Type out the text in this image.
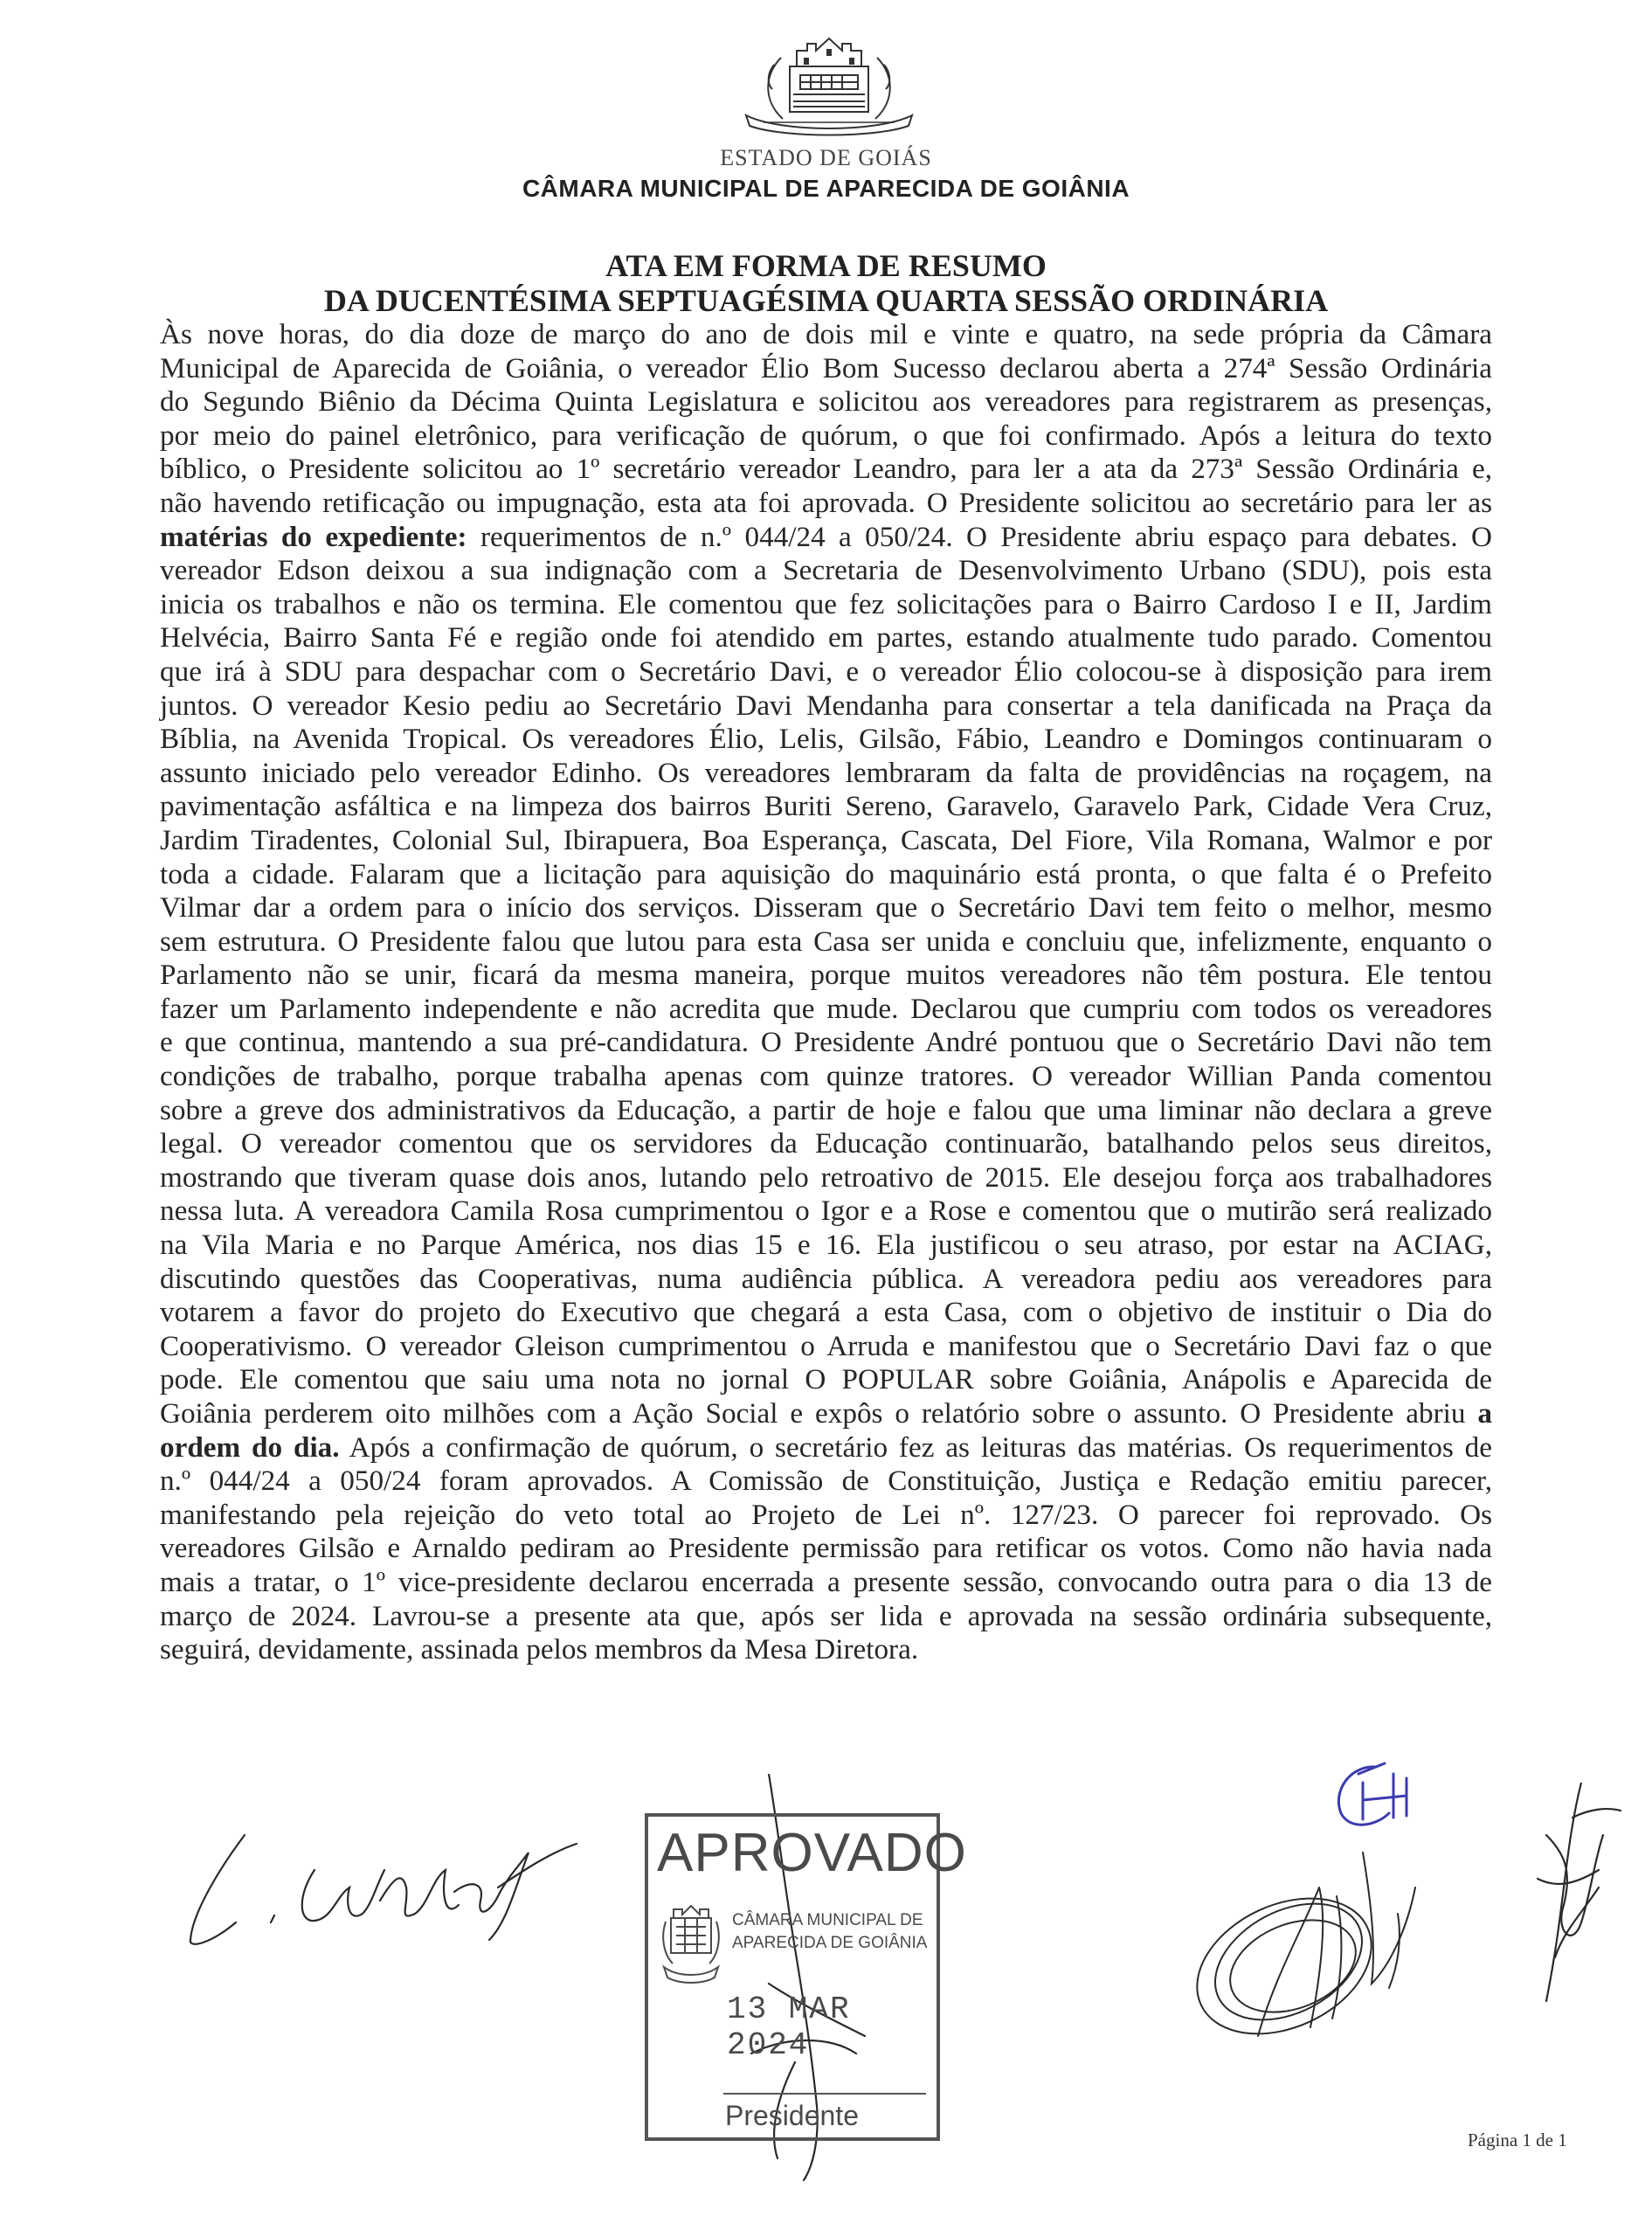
ESTADO DE GOIÁS
CÂMARA MUNICIPAL DE APARECIDA DE GOIÂNIA
ATA EM FORMA DE RESUMO
DA DUCENTÉSIMA SEPTUAGÉSIMA QUARTA SESSÃO ORDINÁRIA
Às nove horas, do dia doze de março do ano de dois mil e vinte e quatro, na sede própria da Câmara
Municipal de Aparecida de Goiânia, o vereador Élio Bom Sucesso declarou aberta a 274ª Sessão Ordinária
do Segundo Biênio da Décima Quinta Legislatura e solicitou aos vereadores para registrarem as presenças,
por meio do painel eletrônico, para verificação de quórum, o que foi confirmado. Após a leitura do texto
bíblico, o Presidente solicitou ao 1º secretário vereador Leandro, para ler a ata da 273ª Sessão Ordinária e,
não havendo retificação ou impugnação, esta ata foi aprovada. O Presidente solicitou ao secretário para ler as
matérias do expediente: requerimentos de n.º 044/24 a 050/24. O Presidente abriu espaço para debates. O
vereador Edson deixou a sua indignação com a Secretaria de Desenvolvimento Urbano (SDU), pois esta
inicia os trabalhos e não os termina. Ele comentou que fez solicitações para o Bairro Cardoso I e II, Jardim
Helvécia, Bairro Santa Fé e região onde foi atendido em partes, estando atualmente tudo parado. Comentou
que irá à SDU para despachar com o Secretário Davi, e o vereador Élio colocou-se à disposição para irem
juntos. O vereador Kesio pediu ao Secretário Davi Mendanha para consertar a tela danificada na Praça da
Bíblia, na Avenida Tropical. Os vereadores Élio, Lelis, Gilsão, Fábio, Leandro e Domingos continuaram o
assunto iniciado pelo vereador Edinho. Os vereadores lembraram da falta de providências na roçagem, na
pavimentação asfáltica e na limpeza dos bairros Buriti Sereno, Garavelo, Garavelo Park, Cidade Vera Cruz,
Jardim Tiradentes, Colonial Sul, Ibirapuera, Boa Esperança, Cascata, Del Fiore, Vila Romana, Walmor e por
toda a cidade. Falaram que a licitação para aquisição do maquinário está pronta, o que falta é o Prefeito
Vilmar dar a ordem para o início dos serviços. Disseram que o Secretário Davi tem feito o melhor, mesmo
sem estrutura. O Presidente falou que lutou para esta Casa ser unida e concluiu que, infelizmente, enquanto o
Parlamento não se unir, ficará da mesma maneira, porque muitos vereadores não têm postura. Ele tentou
fazer um Parlamento independente e não acredita que mude. Declarou que cumpriu com todos os vereadores
e que continua, mantendo a sua pré-candidatura. O Presidente André pontuou que o Secretário Davi não tem
condições de trabalho, porque trabalha apenas com quinze tratores. O vereador Willian Panda comentou
sobre a greve dos administrativos da Educação, a partir de hoje e falou que uma liminar não declara a greve
legal. O vereador comentou que os servidores da Educação continuarão, batalhando pelos seus direitos,
mostrando que tiveram quase dois anos, lutando pelo retroativo de 2015. Ele desejou força aos trabalhadores
nessa luta. A vereadora Camila Rosa cumprimentou o Igor e a Rose e comentou que o mutirão será realizado
na Vila Maria e no Parque América, nos dias 15 e 16. Ela justificou o seu atraso, por estar na ACIAG,
discutindo questões das Cooperativas, numa audiência pública. A vereadora pediu aos vereadores para
votarem a favor do projeto do Executivo que chegará a esta Casa, com o objetivo de instituir o Dia do
Cooperativismo. O vereador Gleison cumprimentou o Arruda e manifestou que o Secretário Davi faz o que
pode. Ele comentou que saiu uma nota no jornal O POPULAR sobre Goiânia, Anápolis e Aparecida de
Goiânia perderem oito milhões com a Ação Social e expôs o relatório sobre o assunto. O Presidente abriu a
ordem do dia. Após a confirmação de quórum, o secretário fez as leituras das matérias. Os requerimentos de
n.º 044/24 a 050/24 foram aprovados. A Comissão de Constituição, Justiça e Redação emitiu parecer,
manifestando pela rejeição do veto total ao Projeto de Lei nº. 127/23. O parecer foi reprovado. Os
vereadores Gilsão e Arnaldo pediram ao Presidente permissão para retificar os votos. Como não havia nada
mais a tratar, o 1º vice-presidente declarou encerrada a presente sessão, convocando outra para o dia 13 de
março de 2024. Lavrou-se a presente ata que, após ser lida e aprovada na sessão ordinária subsequente,
seguirá, devidamente, assinada pelos membros da Mesa Diretora.
APROVADO
CÂMARA MUNICIPAL DE
APARECIDA DE GOIÂNIA
13 MAR 2024
Presidente
Página 1 de 1
